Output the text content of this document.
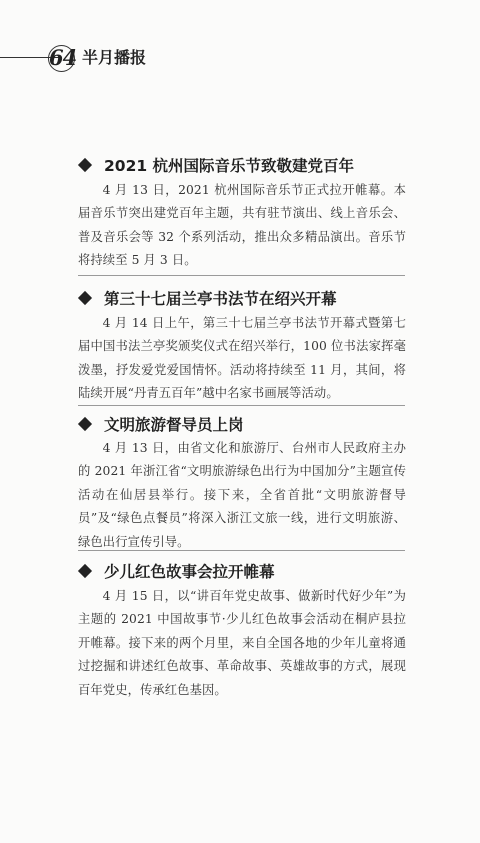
64 半月播报
2021 杭州国际音乐节致敬建党百年

4 月 13 日，2021 杭州国际音乐节正式拉开帷幕。本届音乐节突出建党百年主题，共有驻节演出、线上音乐会、普及音乐会等 32 个系列活动，推出众多精品演出。音乐节将持续至 5 月 3 日。

第三十七届兰亭书法节在绍兴开幕

4 月 14 日上午，第三十七届兰亭书法节开幕式暨第七届中国书法兰亭奖颁奖仪式在绍兴举行，100 位书法家挥毫泼墨，抒发爱党爱国情怀。活动将持续至 11 月，其间，将陆续开展“丹青五百年”越中名家书画展等活动。

文明旅游督导员上岗

4 月 13 日，由省文化和旅游厅、台州市人民政府主办的 2021 年浙江省“文明旅游绿色出行为中国加分”主题宣传活动在仙居县举行。接下来，全省首批“文明旅游督导员”及“绿色点餐员”将深入浙江文旅一线，进行文明旅游、绿色出行宣传引导。

少儿红色故事会拉开帷幕

4 月 15 日，以“讲百年党史故事、做新时代好少年”为主题的 2021 中国故事节·少儿红色故事会活动在桐庐县拉开帷幕。接下来的两个月里，来自全国各地的少年儿童将通过挖掘和讲述红色故事、革命故事、英雄故事的方式，展现百年党史，传承红色基因。
